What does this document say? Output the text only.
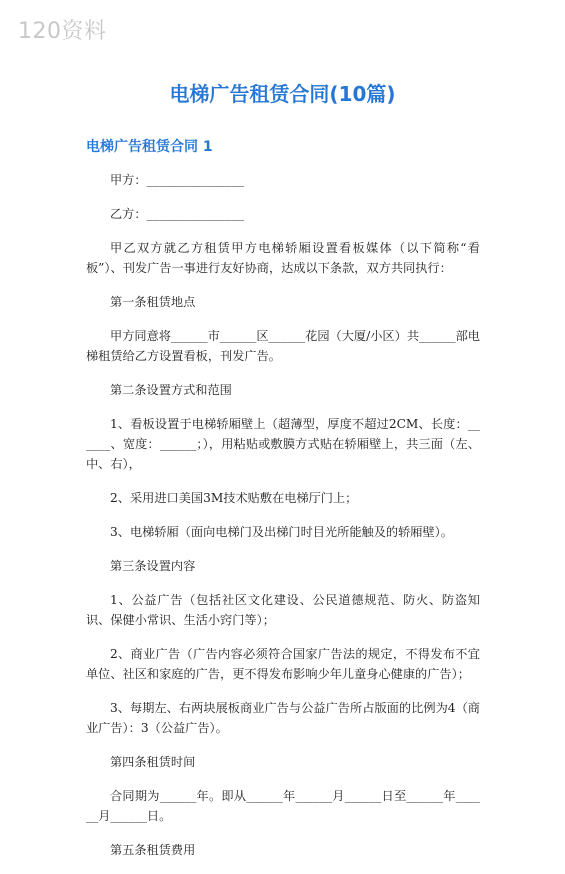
120资料
电梯广告租赁合同(10篇)
电梯广告租赁合同 1

甲方：________________

乙方：________________

甲乙双方就乙方租赁甲方电梯轿厢设置看板媒体（以下简称“看板”）、刊发广告一事进行友好协商，达成以下条款，双方共同执行：

第一条租赁地点

甲方同意将______市______区______花园（大厦/小区）共______部电梯租赁给乙方设置看板，刊发广告。

第二条设置方式和范围

1、看板设置于电梯轿厢壁上（超薄型，厚度不超过2CM、长度：______、宽度：______；），用粘贴或敷膜方式贴在轿厢壁上，共三面（左、中、右），

2、采用进口美国3M技术贴敷在电梯厅门上；

3、电梯轿厢（面向电梯门及出梯门时目光所能触及的轿厢壁）。

第三条设置内容

1、公益广告（包括社区文化建设、公民道德规范、防火、防盗知识、保健小常识、生活小窍门等）；

2、商业广告（广告内容必须符合国家广告法的规定，不得发布不宜单位、社区和家庭的广告，更不得发布影响少年儿童身心健康的广告）；

3、每期左、右两块展板商业广告与公益广告所占版面的比例为4（商业广告）：3（公益广告）。

第四条租赁时间

合同期为______年。即从______年______月______日至______年______月______日。

第五条租赁费用
